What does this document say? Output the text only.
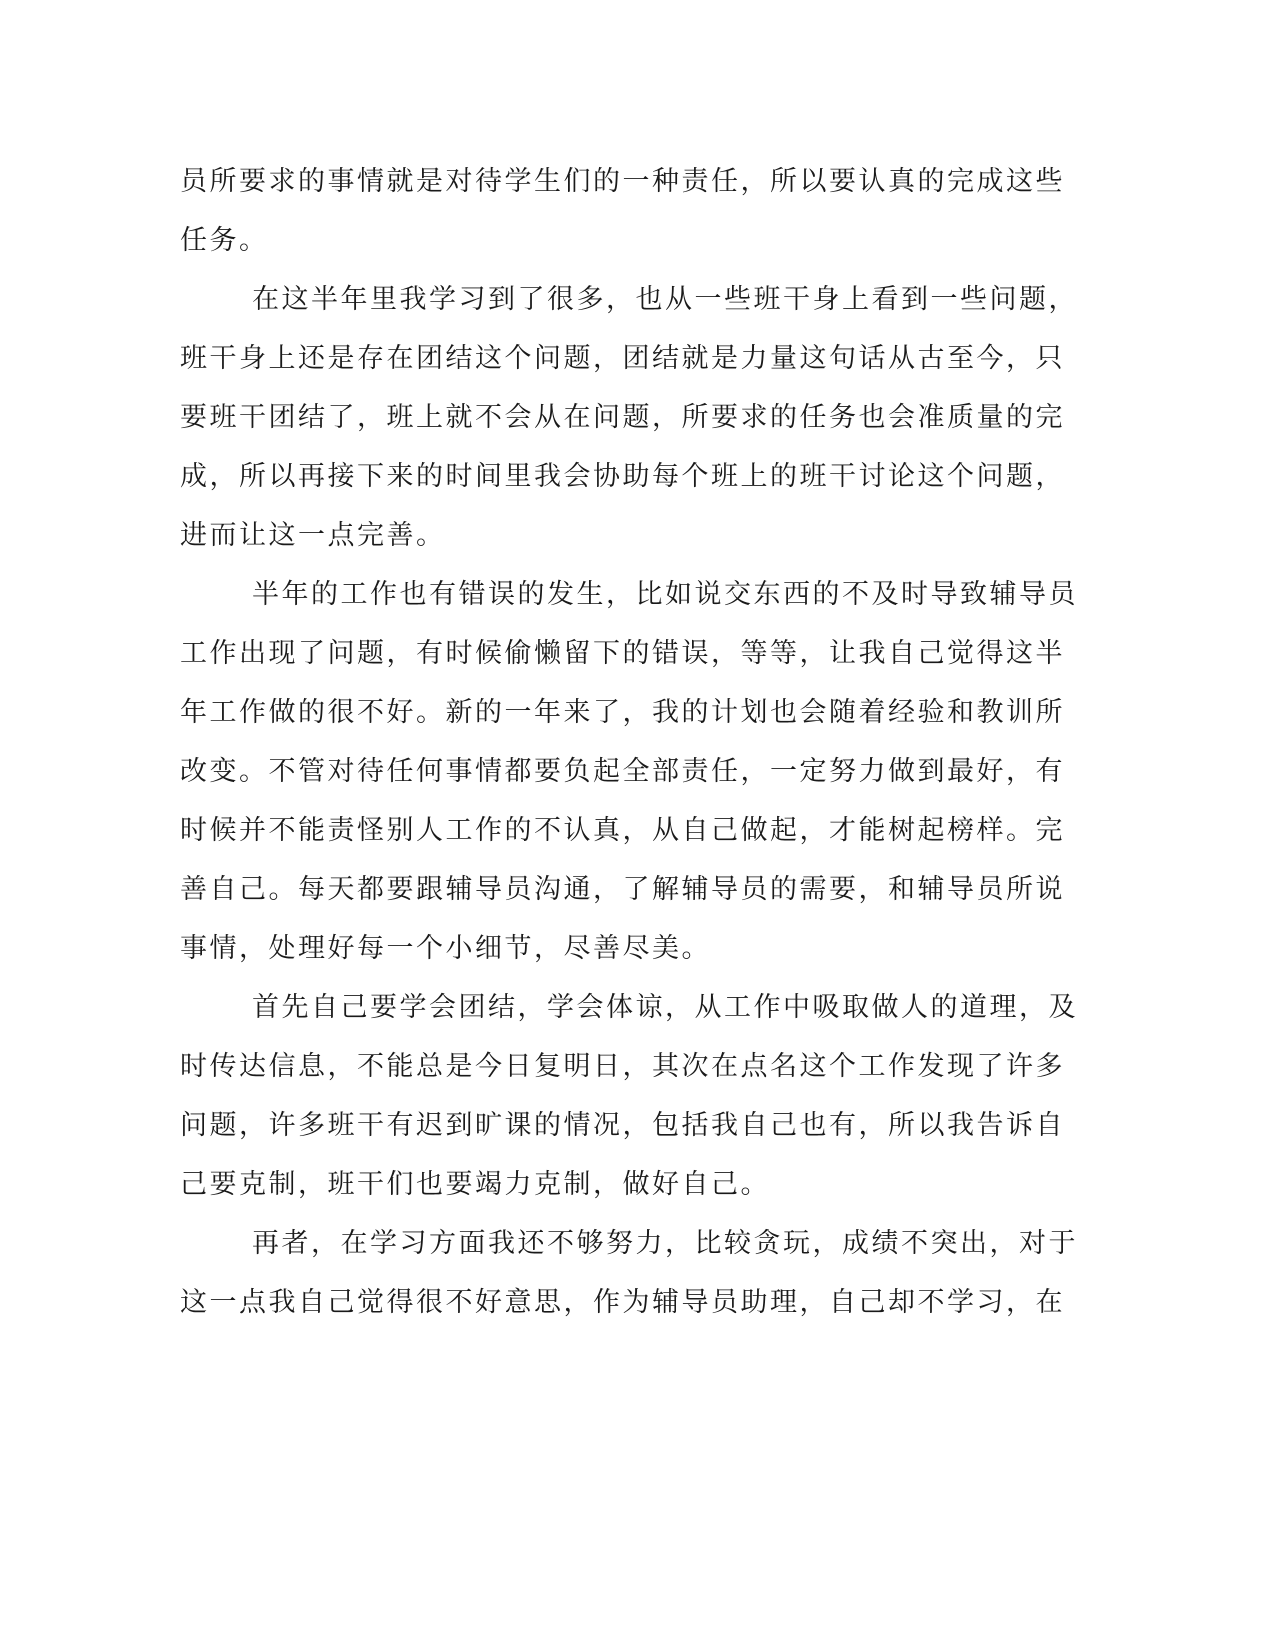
员所要求的事情就是对待学生们的一种责任，所以要认真的完成这些
任务。
在这半年里我学习到了很多，也从一些班干身上看到一些问题，
班干身上还是存在团结这个问题，团结就是力量这句话从古至今，只
要班干团结了，班上就不会从在问题，所要求的任务也会准质量的完
成，所以再接下来的时间里我会协助每个班上的班干讨论这个问题，
进而让这一点完善。
半年的工作也有错误的发生，比如说交东西的不及时导致辅导员
工作出现了问题，有时候偷懒留下的错误，等等，让我自己觉得这半
年工作做的很不好。新的一年来了，我的计划也会随着经验和教训所
改变。不管对待任何事情都要负起全部责任，一定努力做到最好，有
时候并不能责怪别人工作的不认真，从自己做起，才能树起榜样。完
善自己。每天都要跟辅导员沟通，了解辅导员的需要，和辅导员所说
事情，处理好每一个小细节，尽善尽美。
首先自己要学会团结，学会体谅，从工作中吸取做人的道理，及
时传达信息，不能总是今日复明日，其次在点名这个工作发现了许多
问题，许多班干有迟到旷课的情况，包括我自己也有，所以我告诉自
己要克制，班干们也要竭力克制，做好自己。
再者，在学习方面我还不够努力，比较贪玩，成绩不突出，对于
这一点我自己觉得很不好意思，作为辅导员助理，自己却不学习，在
